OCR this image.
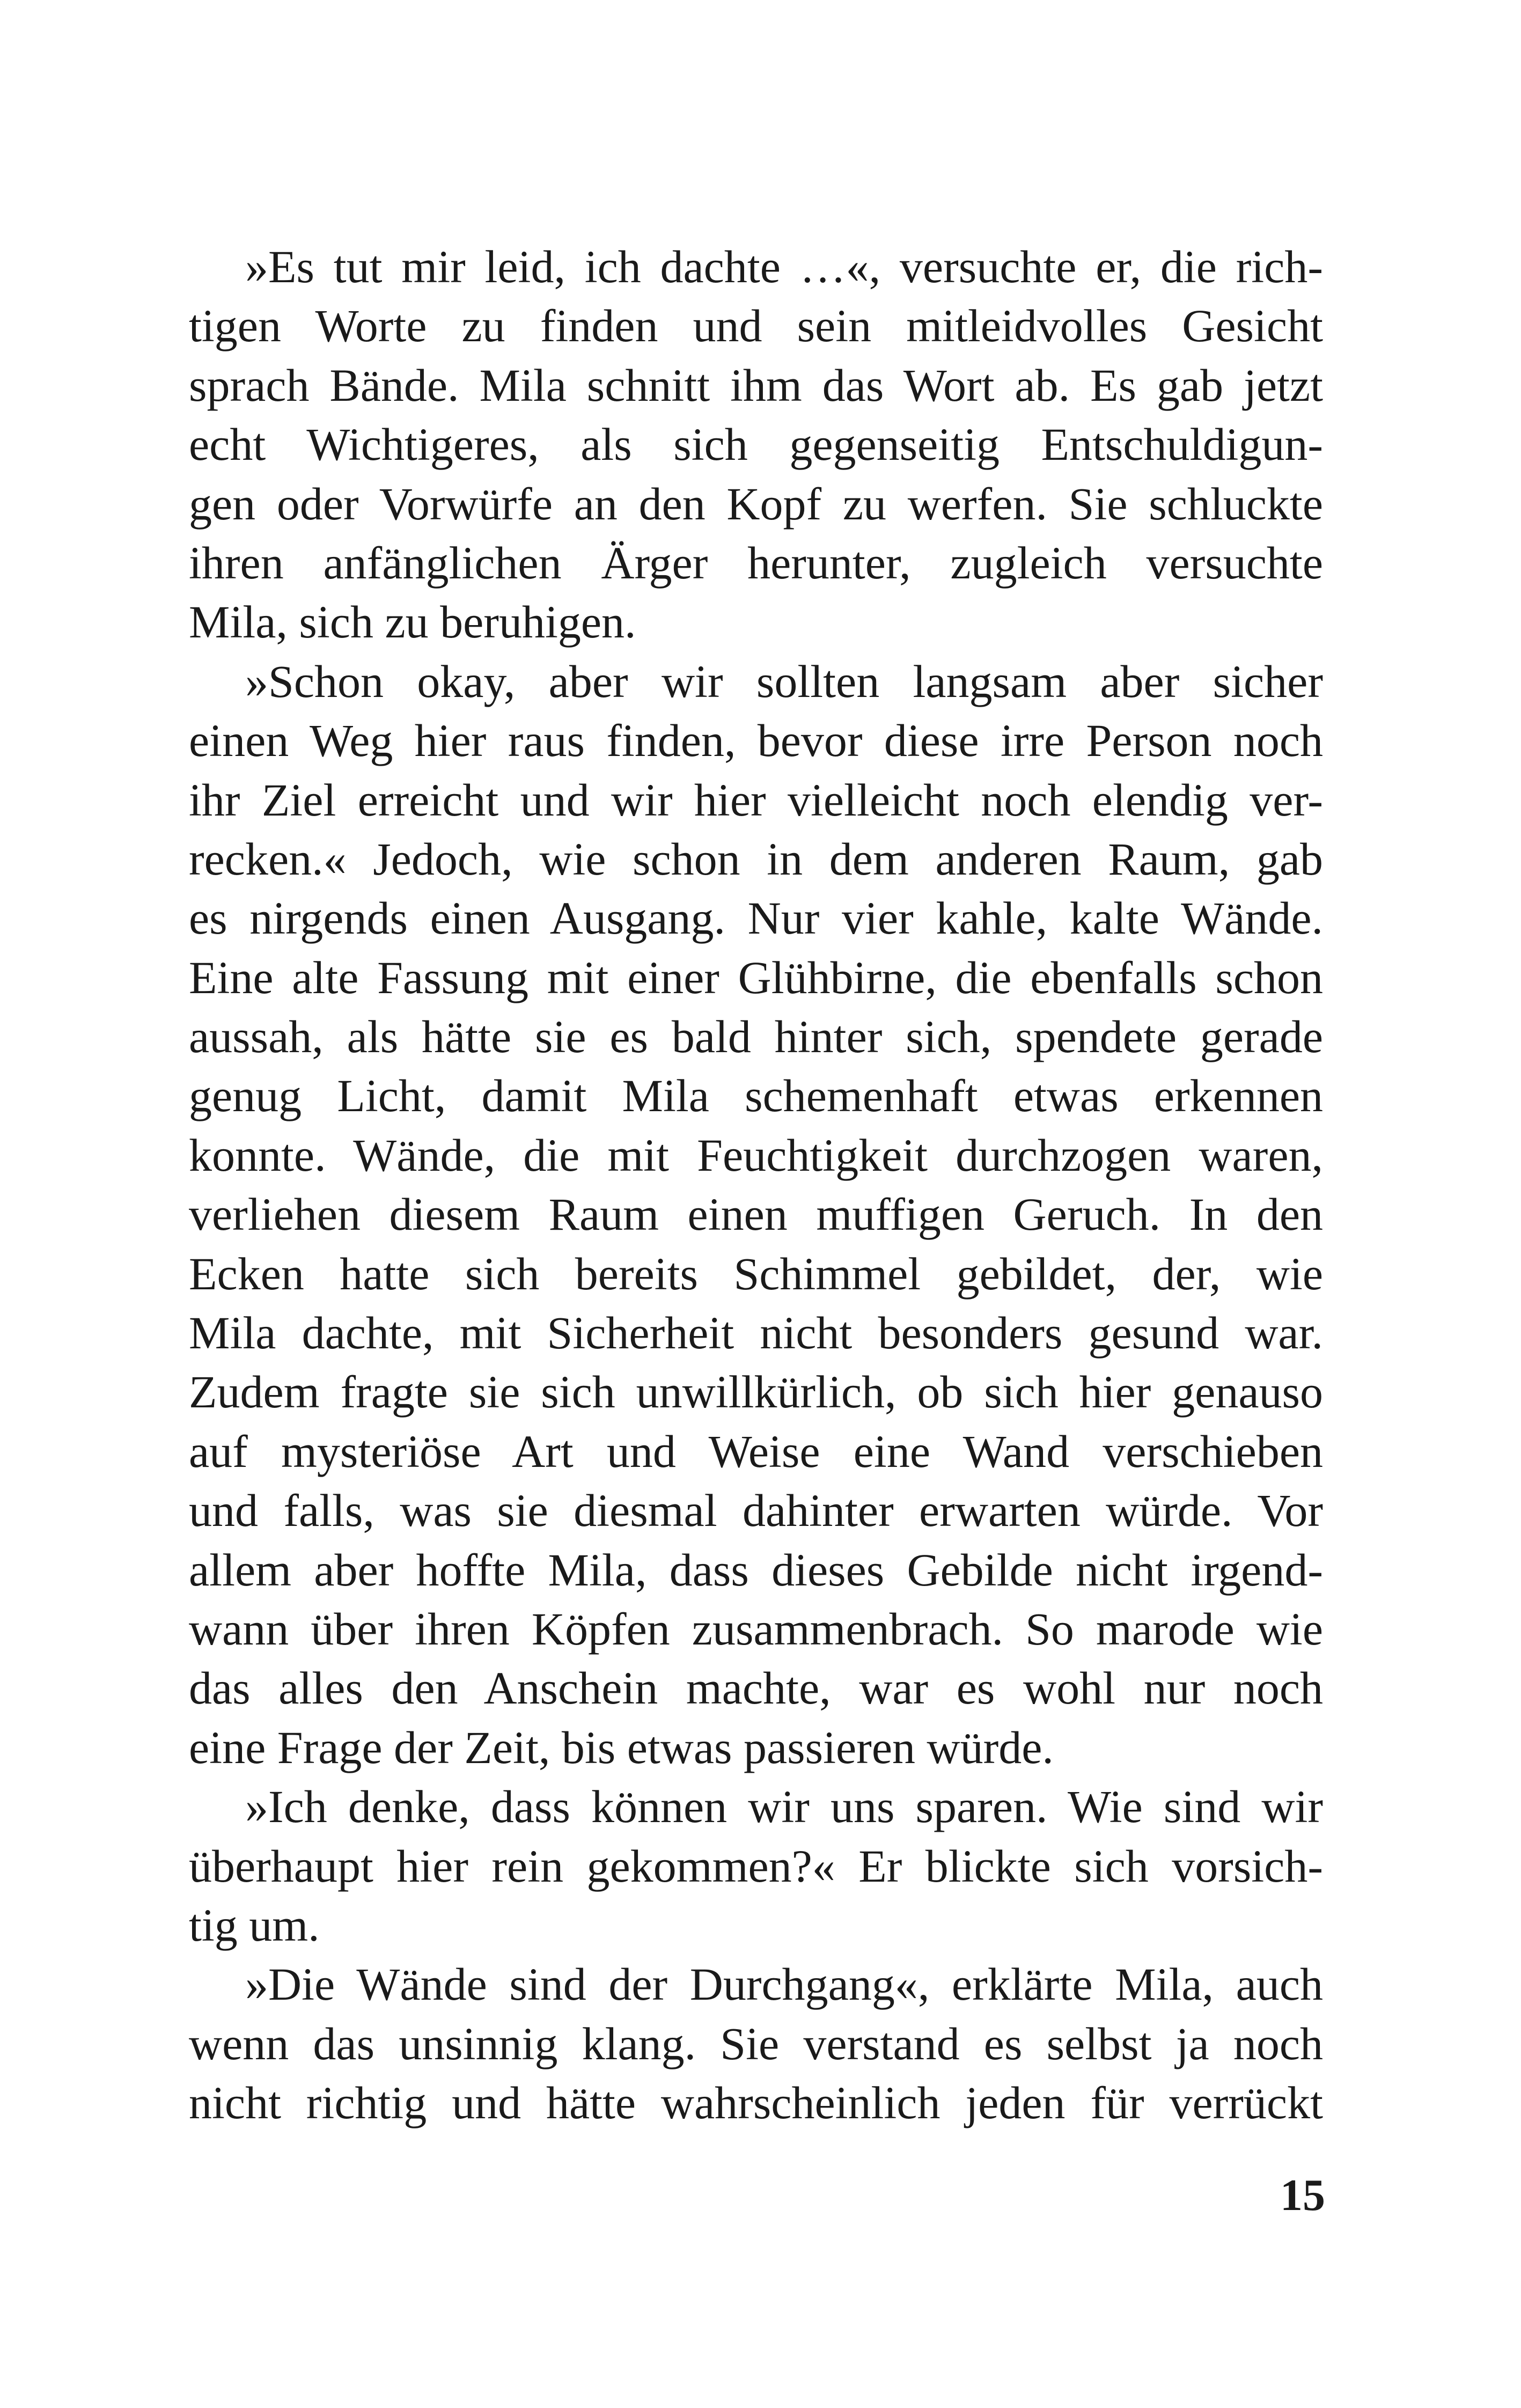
»Es tut mir leid, ich dachte …«, versuchte er, die rich-
tigen Worte zu finden und sein mitleidvolles Gesicht
sprach Bände. Mila schnitt ihm das Wort ab. Es gab jetzt
echt Wichtigeres, als sich gegenseitig Entschuldigun-
gen oder Vorwürfe an den Kopf zu werfen. Sie schluckte
ihren anfänglichen Ärger herunter, zugleich versuchte
Mila, sich zu beruhigen.
»Schon okay, aber wir sollten langsam aber sicher
einen Weg hier raus finden, bevor diese irre Person noch
ihr Ziel erreicht und wir hier vielleicht noch elendig ver-
recken.« Jedoch, wie schon in dem anderen Raum, gab
es nirgends einen Ausgang. Nur vier kahle, kalte Wände.
Eine alte Fassung mit einer Glühbirne, die ebenfalls schon
aussah, als hätte sie es bald hinter sich, spendete gerade
genug Licht, damit Mila schemenhaft etwas erkennen
konnte. Wände, die mit Feuchtigkeit durchzogen waren,
verliehen diesem Raum einen muffigen Geruch. In den
Ecken hatte sich bereits Schimmel gebildet, der, wie
Mila dachte, mit Sicherheit nicht besonders gesund war.
Zudem fragte sie sich unwillkürlich, ob sich hier genauso
auf mysteriöse Art und Weise eine Wand verschieben
und falls, was sie diesmal dahinter erwarten würde. Vor
allem aber hoffte Mila, dass dieses Gebilde nicht irgend-
wann über ihren Köpfen zusammenbrach. So marode wie
das alles den Anschein machte, war es wohl nur noch
eine Frage der Zeit, bis etwas passieren würde.
»Ich denke, dass können wir uns sparen. Wie sind wir
überhaupt hier rein gekommen?« Er blickte sich vorsich-
tig um.
»Die Wände sind der Durchgang«, erklärte Mila, auch
wenn das unsinnig klang. Sie verstand es selbst ja noch
nicht richtig und hätte wahrscheinlich jeden für verrückt
15
